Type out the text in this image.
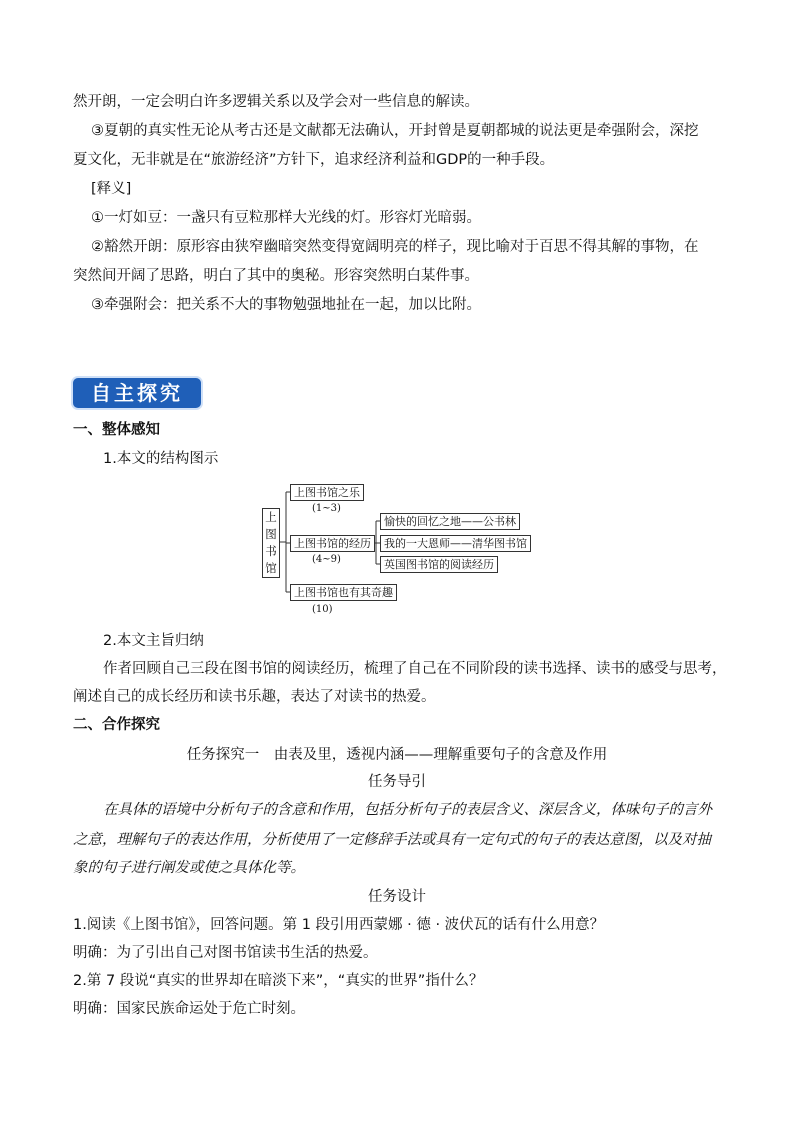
然开朗，一定会明白许多逻辑关系以及学会对一些信息的解读。
③夏朝的真实性无论从考古还是文献都无法确认，开封曾是夏朝都城的说法更是牵强附会，深挖
夏文化，无非就是在“旅游经济”方针下，追求经济利益和GDP的一种手段。
[释义]
①一灯如豆：一盏只有豆粒那样大光线的灯。形容灯光暗弱。
②豁然开朗：原形容由狭窄幽暗突然变得宽阔明亮的样子，现比喻对于百思不得其解的事物，在
突然间开阔了思路，明白了其中的奥秘。形容突然明白某件事。
③牵强附会：把关系不大的事物勉强地扯在一起，加以比附。
自主探究
一、整体感知
1.本文的结构图示
上
图
书
馆
上图书馆之乐
(1~3)
上图书馆的经历
(4~9)
上图书馆也有其奇趣
(10)
愉快的回忆之地——公书林
我的一大恩师——清华图书馆
英国图书馆的阅读经历
2.本文主旨归纳
作者回顾自己三段在图书馆的阅读经历，梳理了自己在不同阶段的读书选择、读书的感受与思考，
阐述自己的成长经历和读书乐趣，表达了对读书的热爱。
二、合作探究
任务探究一　由表及里，透视内涵——理解重要句子的含意及作用
任务导引
在具体的语境中分析句子的含意和作用，包括分析句子的表层含义、深层含义，体味句子的言外
之意，理解句子的表达作用，分析使用了一定修辞手法或具有一定句式的句子的表达意图，以及对抽
象的句子进行阐发或使之具体化等。
任务设计
1.阅读《上图书馆》，回答问题。第 1 段引用西蒙娜 · 德 · 波伏瓦的话有什么用意？
明确：为了引出自己对图书馆读书生活的热爱。
2.第 7 段说“真实的世界却在暗淡下来”，“真实的世界”指什么？
明确：国家民族命运处于危亡时刻。
